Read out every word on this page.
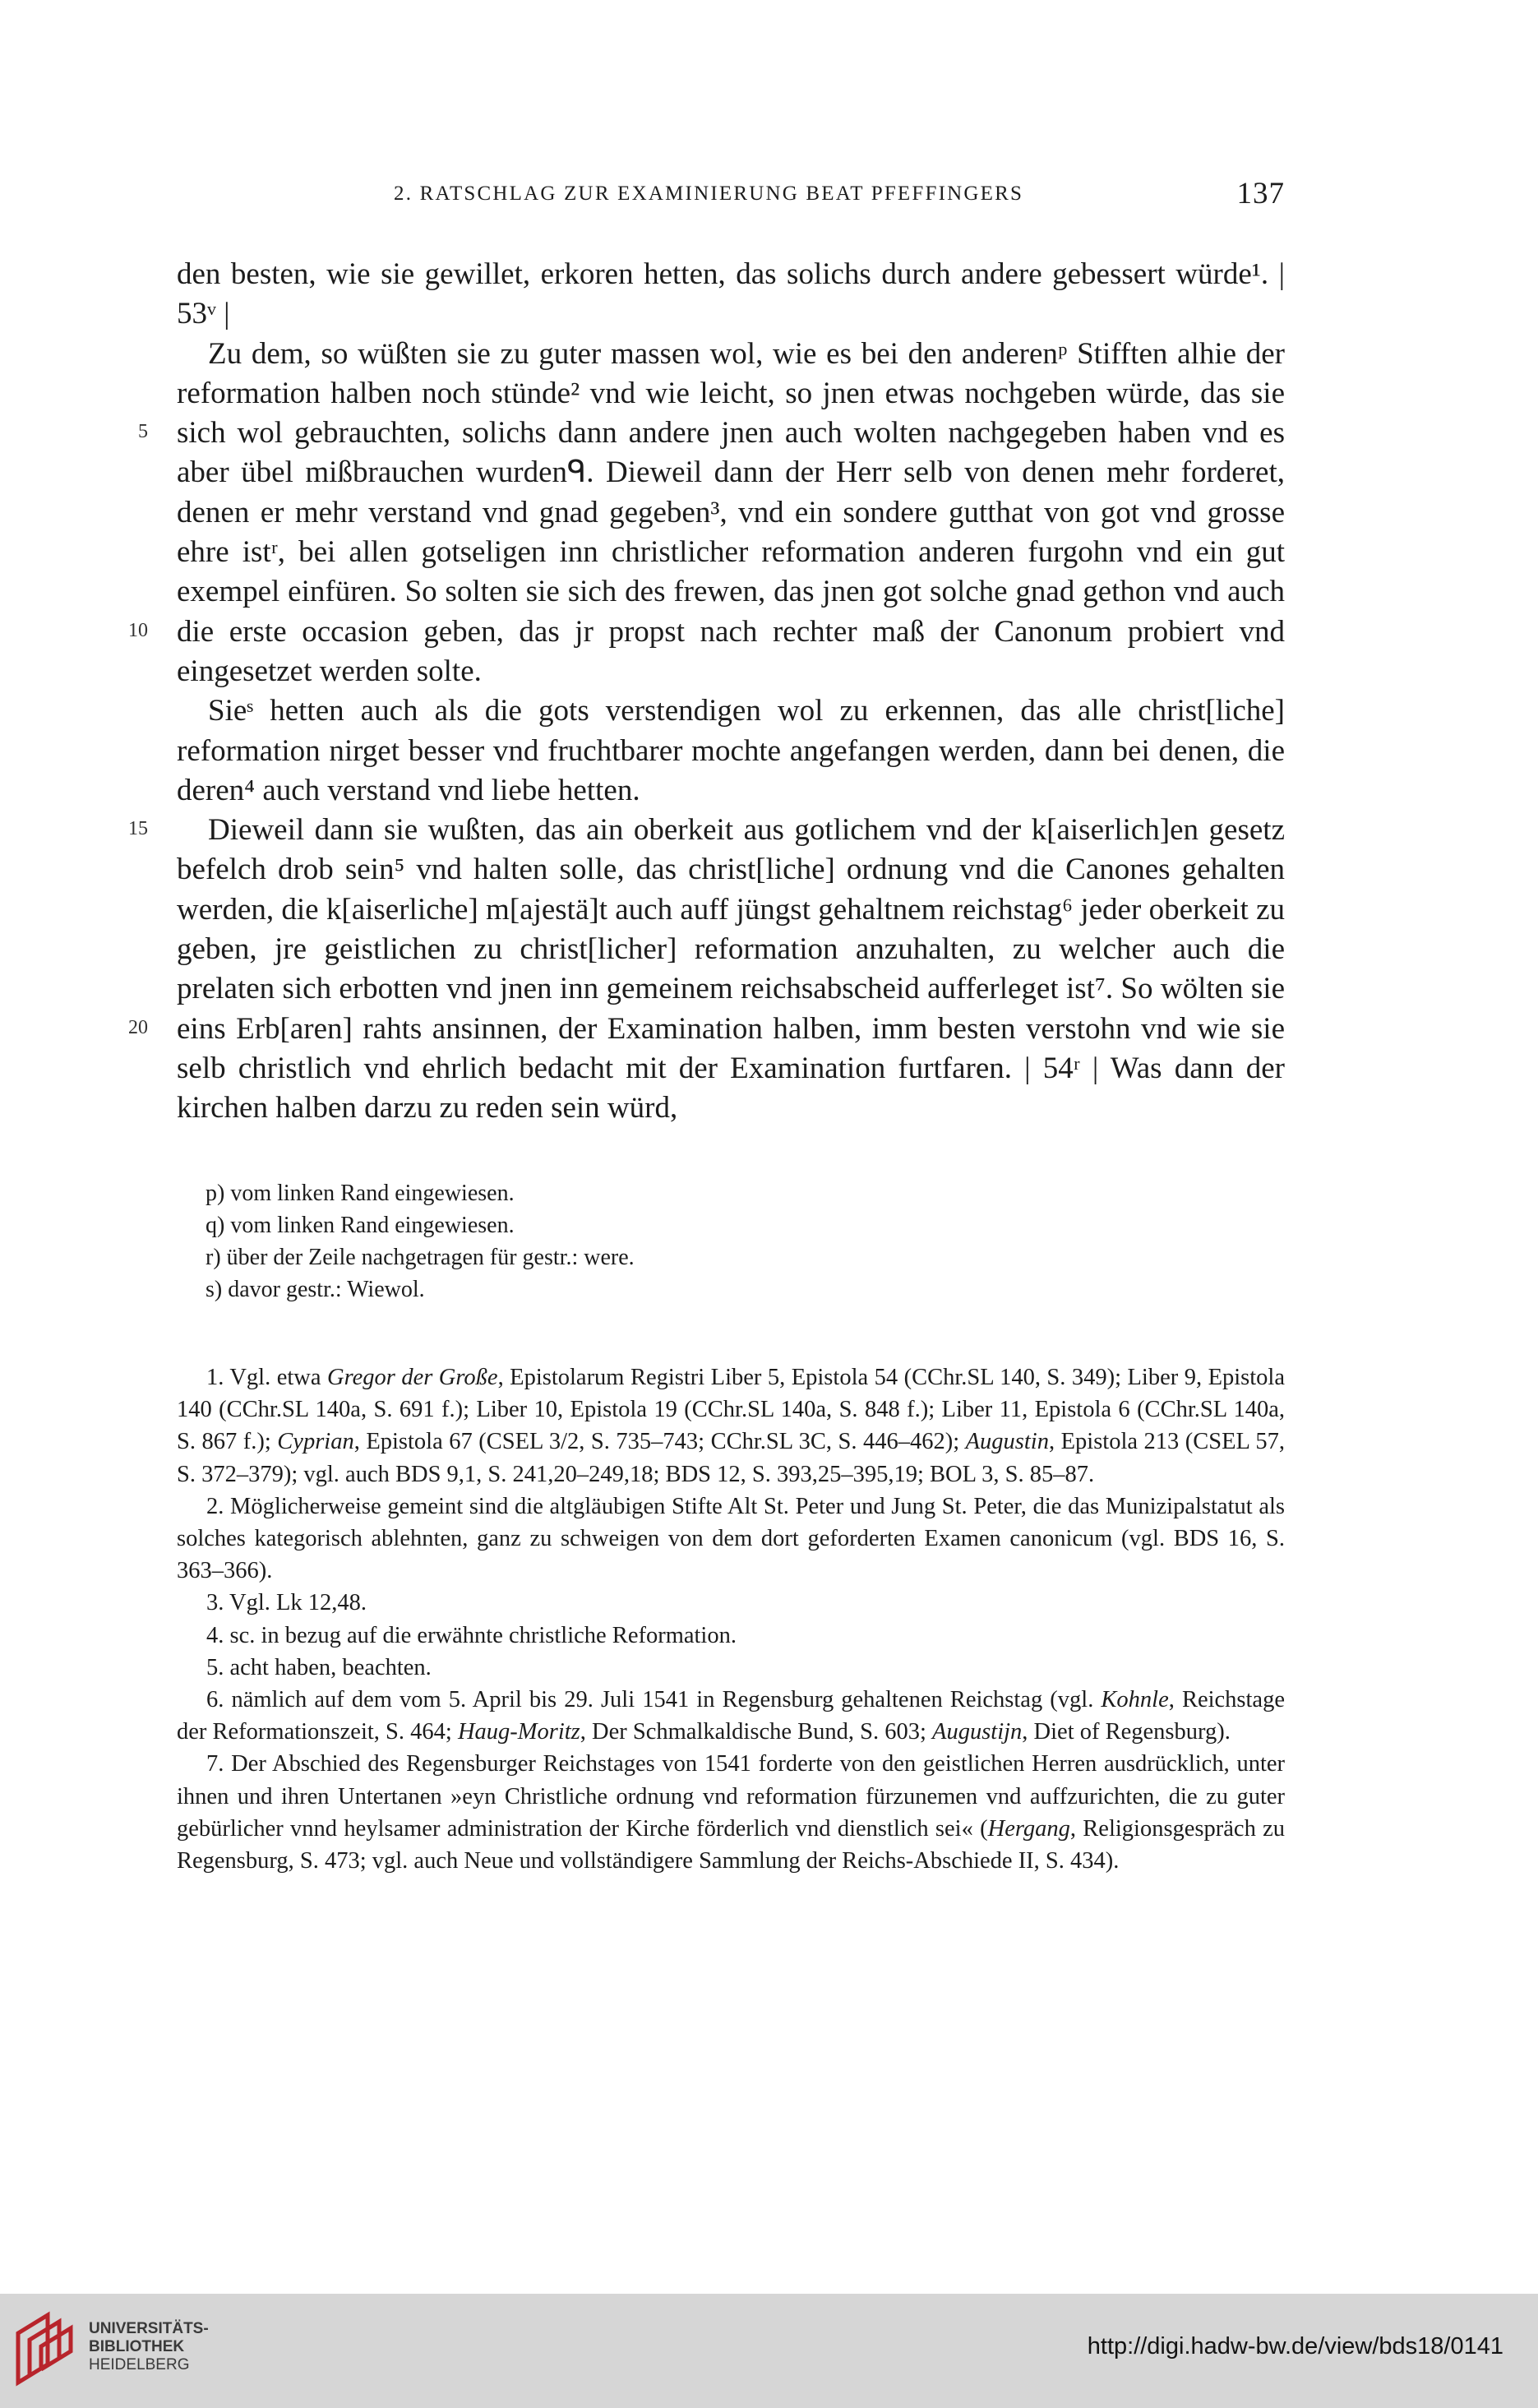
2. RATSCHLAG ZUR EXAMINIERUNG BEAT PFEFFINGERS	137
5
10
15
20

den besten, wie sie gewillet, erkoren hetten, das solichs durch andere gebessert würde¹. | 53ᵛ |

Zu dem, so wüßten sie zu guter massen wol, wie es bei den anderenᵖ Stifften alhie der reformation halben noch stünde² vnd wie leicht, so jnen etwas nochgeben würde, das sie sich wol gebrauchten, solichs dann andere jnen auch wolten nachgegeben haben vnd es aber übel mißbrauchen wurdenᑫ. Dieweil dann der Herr selb von denen mehr forderet, denen er mehr verstand vnd gnad gegeben³, vnd ein sondere gutthat von got vnd grosse ehre istʳ, bei allen gotseligen inn christlicher reformation anderen furgohn vnd ein gut exempel einfüren. So solten sie sich des frewen, das jnen got solche gnad gethon vnd auch die erste occasion geben, das jr propst nach rechter maß der Canonum probiert vnd eingesetzet werden solte.

Sieˢ hetten auch als die gots verstendigen wol zu erkennen, das alle christ[liche] reformation nirget besser vnd fruchtbarer mochte angefangen werden, dann bei denen, die deren⁴ auch verstand vnd liebe hetten.

Dieweil dann sie wußten, das ain oberkeit aus gotlichem vnd der k[aiserlich]en gesetz befelch drob sein⁵ vnd halten solle, das christ[liche] ordnung vnd die Canones gehalten werden, die k[aiserliche] m[ajestä]t auch auff jüngst gehaltnem reichstag⁶ jeder oberkeit zu geben, jre geistlichen zu christ[licher] reformation anzuhalten, zu welcher auch die prelaten sich erbotten vnd jnen inn gemeinem reichsabscheid aufferleget ist⁷. So wölten sie eins Erb[aren] rahts ansinnen, der Examination halben, imm besten verstohn vnd wie sie selb christlich vnd ehrlich bedacht mit der Examination furtfaren. | 54ʳ | Was dann der kirchen halben darzu zu reden sein würd,

p) vom linken Rand eingewiesen.
q) vom linken Rand eingewiesen.
r) über der Zeile nachgetragen für gestr.: were.
s) davor gestr.: Wiewol.

1. Vgl. etwa Gregor der Große, Epistolarum Registri Liber 5, Epistola 54 (CChr.SL 140, S. 349); Liber 9, Epistola 140 (CChr.SL 140a, S. 691 f.); Liber 10, Epistola 19 (CChr.SL 140a, S. 848 f.); Liber 11, Epistola 6 (CChr.SL 140a, S. 867 f.); Cyprian, Epistola 67 (CSEL 3/2, S. 735–743; CChr.SL 3C, S. 446–462); Augustin, Epistola 213 (CSEL 57, S. 372–379); vgl. auch BDS 9,1, S. 241,20–249,18; BDS 12, S. 393,25–395,19; BOL 3, S. 85–87.

2. Möglicherweise gemeint sind die altgläubigen Stifte Alt St. Peter und Jung St. Peter, die das Munizipalstatut als solches kategorisch ablehnten, ganz zu schweigen von dem dort geforderten Examen canonicum (vgl. BDS 16, S. 363–366).

3. Vgl. Lk 12,48.

4. sc. in bezug auf die erwähnte christliche Reformation.

5. acht haben, beachten.

6. nämlich auf dem vom 5. April bis 29. Juli 1541 in Regensburg gehaltenen Reichstag (vgl. Kohnle, Reichstage der Reformationszeit, S. 464; Haug-Moritz, Der Schmalkaldische Bund, S. 603; Augustijn, Diet of Regensburg).

7. Der Abschied des Regensburger Reichstages von 1541 forderte von den geistlichen Herren ausdrücklich, unter ihnen und ihren Untertanen »eyn Christliche ordnung vnd reformation fürzunemen vnd auffzurichten, die zu guter gebürlicher vnnd heylsamer administration der Kirche förderlich vnd dienstlich sei« (Hergang, Religionsgespräch zu Regensburg, S. 473; vgl. auch Neue und vollständigere Sammlung der Reichs-Abschiede II, S. 434).

UNIVERSITÄTS-
BIBLIOTHEK
HEIDELBERG
http://digi.hadw-bw.de/view/bds18/0141
